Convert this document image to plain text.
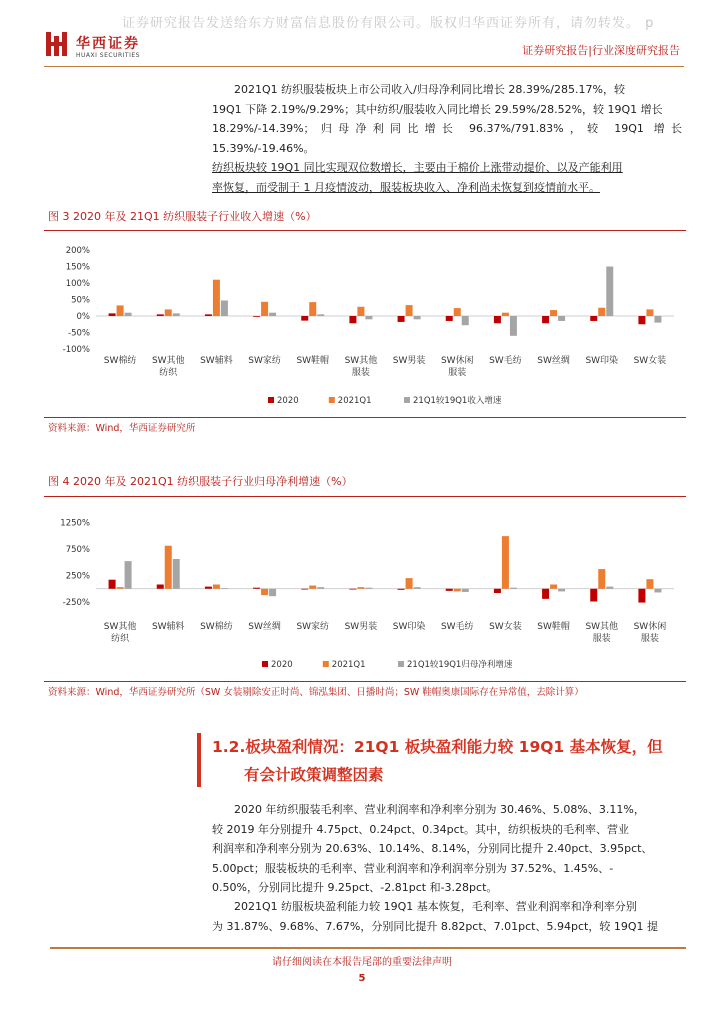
证券研究报告发送给东方财富信息股份有限公司。版权归华西证券所有，请勿转发。 p
华西证券
HUAXI SECURITIES	证券研究报告|行业深度研究报告
2021Q1 纺织服装板块上市公司收入/归母净利同比增长 28.39%/285.17%，较
19Q1 下降 2.19%/9.29%；其中纺织/服装收入同比增长 29.59%/28.52%，较 19Q1 增长
18.29%/-14.39%；归母净利同比增长 96.37%/791.83%，较 19Q1 增长 15.39%/-19.46%。
纺织板块较 19Q1 同比实现双位数增长，主要由于棉价上涨带动提价、以及产能利用
率恢复，而受制于 1 月疫情波动，服装板块收入、净利尚未恢复到疫情前水平。
图 3 2020 年及 21Q1 纺织服装子行业收入增速（%）
200%
150%
100%
50%
0%
-50%
-100%
SW棉纺 SW其他纺织
SW辅料 SW家纺 SW鞋帽 SW其他服装
SW男装 SW休闲服装
SW毛纺 SW丝绸 SW印染 SW女装
2020	2021Q1	21Q1较19Q1收入增速
资料来源：Wind，华西证券研究所
图 4 2020 年及 2021Q1 纺织服装子行业归母净利增速（%）
1250%
750%
250%
-250%
SW其他纺织
SW辅料 SW棉纺 SW丝绸 SW家纺 SW男装 SW印染 SW毛纺 SW女装 SW鞋帽 SW其他服装
SW休闲服装
2020	2021Q1	21Q1较19Q1归母净利增速
资料来源：Wind，华西证券研究所（SW 女装剔除安正时尚、锦泓集团、日播时尚；SW 鞋帽奥康国际存在异常值，去除计算）
1.2.板块盈利情况：21Q1 板块盈利能力较 19Q1 基本恢复，但
有会计政策调整因素
2020 年纺织服装毛利率、营业利润率和净利率分别为 30.46%、5.08%、3.11%，
较 2019 年分别提升 4.75pct、0.24pct、0.34pct。其中，纺织板块的毛利率、营业
利润率和净利率分别为 20.63%、10.14%、8.14%，分别同比提升 2.40pct、3.95pct、
5.00pct；服装板块的毛利率、营业利润率和净利润率分别为 37.52%、1.45%、-
0.50%，分别同比提升 9.25pct、-2.81pct 和-3.28pct。
2021Q1 纺服板块盈利能力较 19Q1 基本恢复，毛利率、营业利润率和净利率分别
为 31.87%、9.68%、7.67%，分别同比提升 8.82pct、7.01pct、5.94pct，较 19Q1 提
请仔细阅读在本报告尾部的重要法律声明
5
